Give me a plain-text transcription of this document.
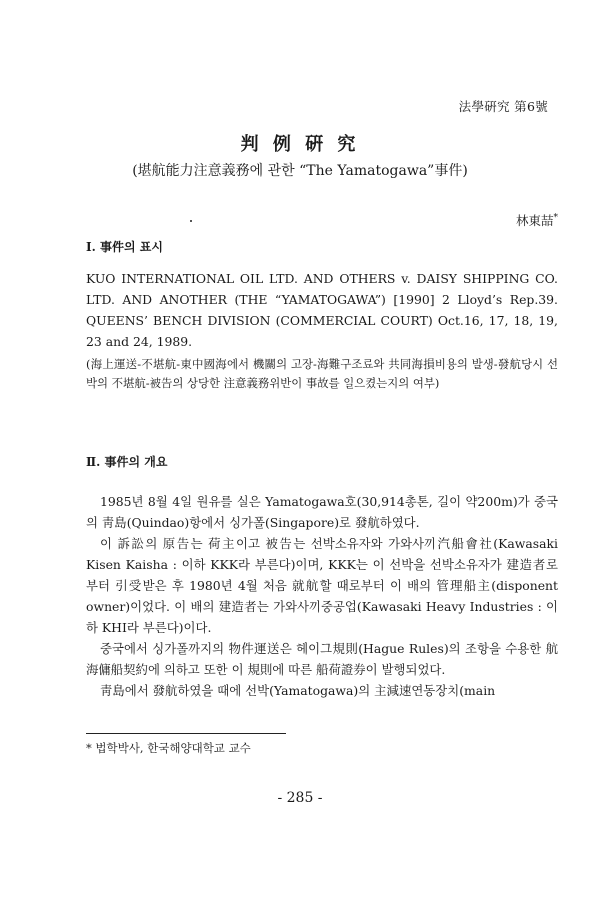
法學硏究 第6號
判 例 硏 究
(堪航能力注意義務에 관한 “The Yamatogawa”事件)
林東喆*
Ⅰ. 事件의 표시

KUO INTERNATIONAL OIL LTD. AND OTHERS v. DAISY SHIPPING CO. LTD. AND ANOTHER (THE “YAMATOGAWA”) [1990] 2 Lloyd’s Rep.39. QUEENS’ BENCH DIVISION (COMMERCIAL COURT) Oct.16, 17, 18, 19, 23 and 24, 1989.

(海上運送-不堪航-東中國海에서 機關의 고장-海難구조료와 共同海損비용의 발생-發航당시 선박의 不堪航-被告의 상당한 注意義務위반이 事故를 일으켰는지의 여부)

Ⅱ. 事件의 개요

1985년 8월 4일 원유를 실은 Yamatogawa호(30,914총톤, 길이 약200m)가 중국의 靑島(Quindao)항에서 싱가폴(Singapore)로 發航하였다.

이 訴訟의 原告는 荷主이고 被告는 선박소유자와 가와사끼汽船會社(Kawasaki Kisen Kaisha : 이하 KKK라 부른다)이며, KKK는 이 선박을 선박소유자가 建造者로부터 引受받은 후 1980년 4월 처음 就航할 때로부터 이 배의 管理船主(disponent owner)이었다. 이 배의 建造者는 가와사끼중공업(Kawasaki Heavy Industries : 이하 KHI라 부른다)이다.

중국에서 싱가폴까지의 物件運送은 헤이그規則(Hague Rules)의 조항을 수용한 航海傭船契約에 의하고 또한 이 規則에 따른 船荷證券이 발행되었다.

靑島에서 發航하였을 때에 선박(Yamatogawa)의 主減速연동장치(main

* 법학박사, 한국해양대학교 교수
- 285 -
